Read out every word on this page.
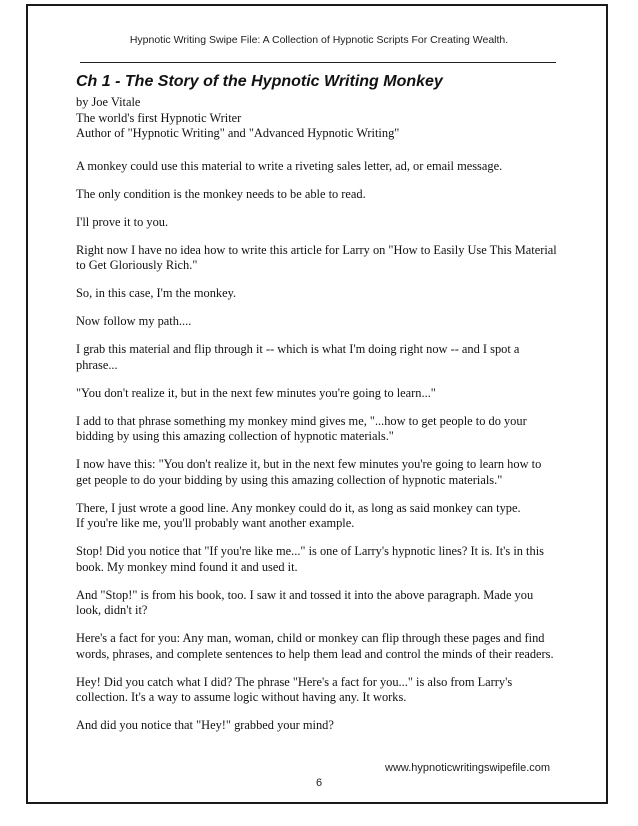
Hypnotic Writing Swipe File: A Collection of Hypnotic Scripts For Creating Wealth.
Ch 1 - The Story of the Hypnotic Writing Monkey
by Joe Vitale
The world's first Hypnotic Writer
Author of "Hypnotic Writing" and "Advanced Hypnotic Writing"

A monkey could use this material to write a riveting sales letter, ad, or email message.

The only condition is the monkey needs to be able to read.

I'll prove it to you.

Right now I have no idea how to write this article for Larry on "How to Easily Use This Material
to Get Gloriously Rich."

So, in this case, I'm the monkey.

Now follow my path....

I grab this material and flip through it -- which is what I'm doing right now -- and I spot a
phrase...

"You don't realize it, but in the next few minutes you're going to learn..."

I add to that phrase something my monkey mind gives me, "...how to get people to do your
bidding by using this amazing collection of hypnotic materials."

I now have this: "You don't realize it, but in the next few minutes you're going to learn how to
get people to do your bidding by using this amazing collection of hypnotic materials."

There, I just wrote a good line. Any monkey could do it, as long as said monkey can type.
If you're like me, you'll probably want another example.

Stop! Did you notice that "If you're like me..." is one of Larry's hypnotic lines? It is. It's in this
book. My monkey mind found it and used it.

And "Stop!" is from his book, too. I saw it and tossed it into the above paragraph. Made you
look, didn't it?

Here's a fact for you: Any man, woman, child or monkey can flip through these pages and find
words, phrases, and complete sentences to help them lead and control the minds of their readers.

Hey! Did you catch what I did? The phrase "Here's a fact for you..." is also from Larry's
collection. It's a way to assume logic without having any. It works.

And did you notice that "Hey!" grabbed your mind?

www.hypnoticwritingswipefile.com
6
